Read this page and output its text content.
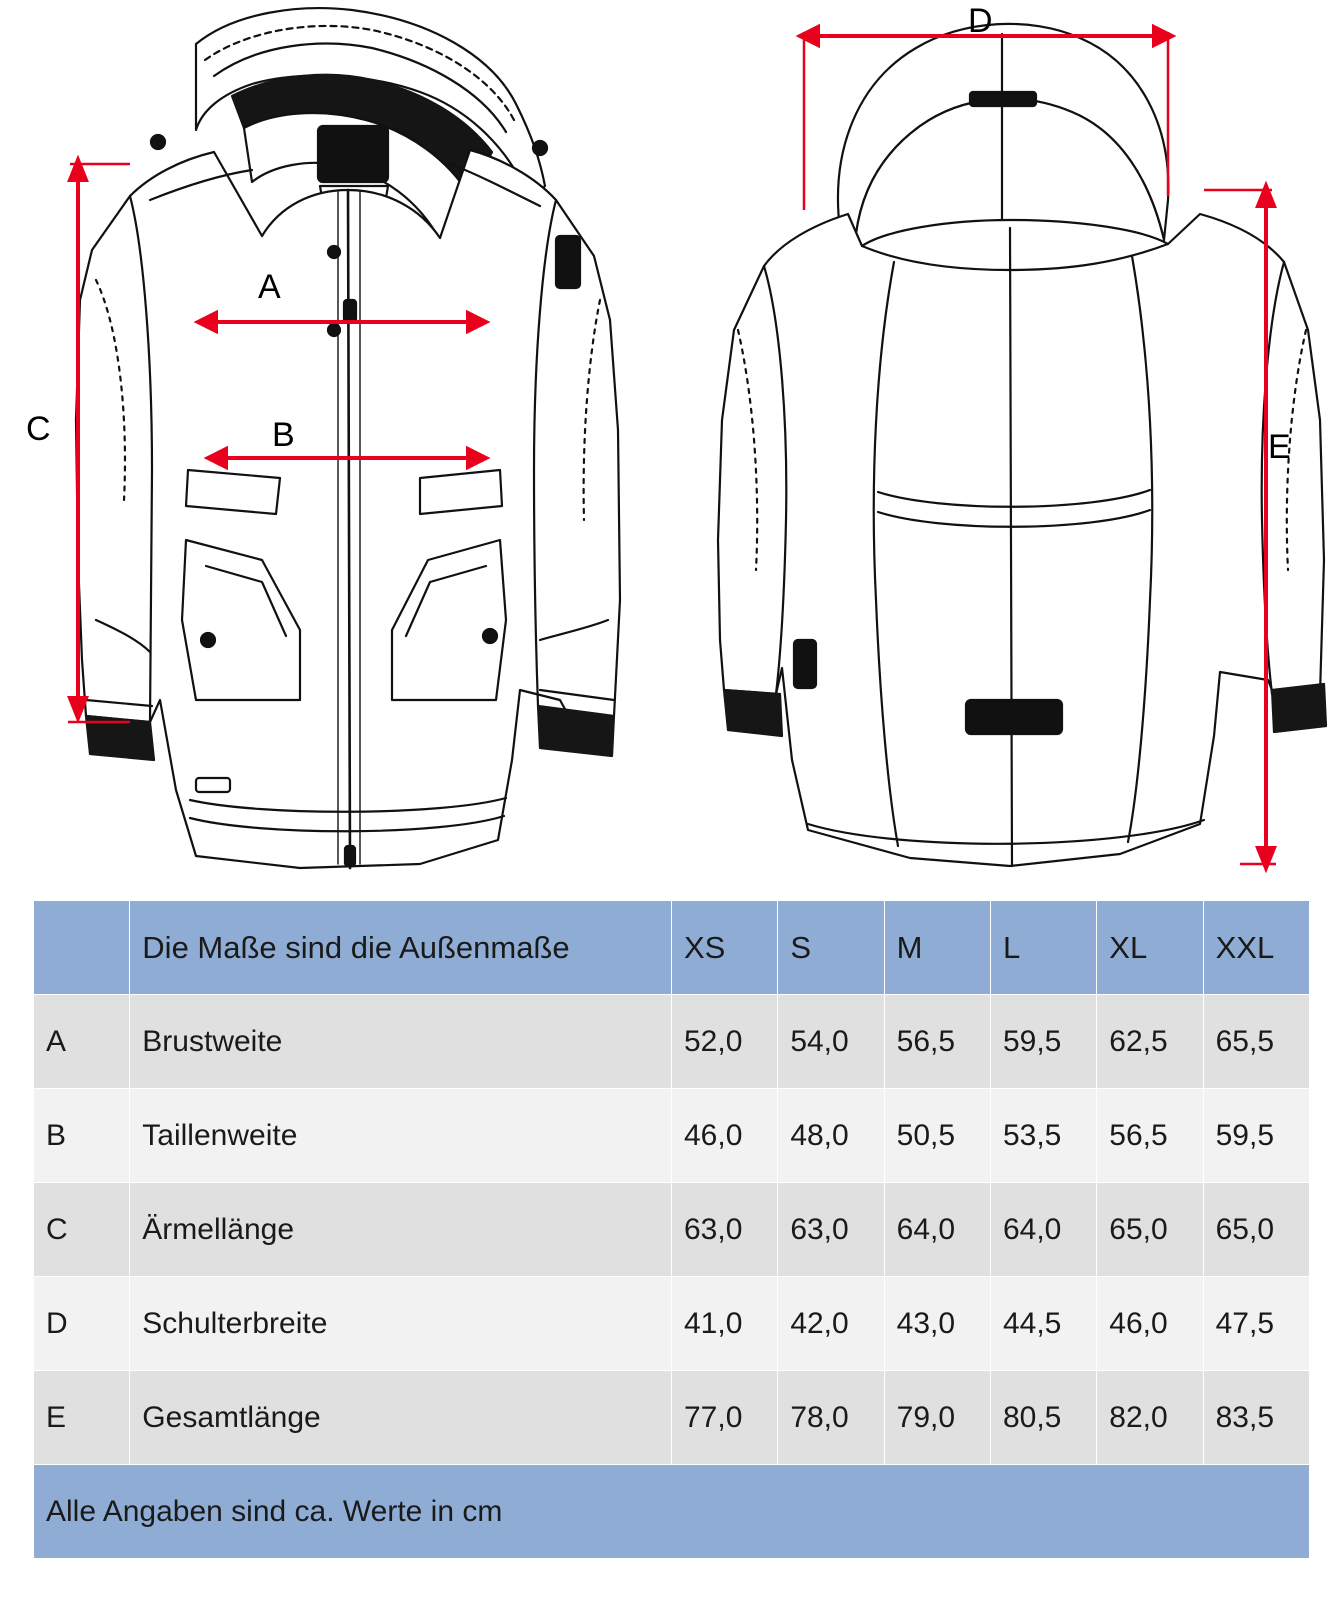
NAVAHOO
NAVAHOO
C
A
B
D
E
	Die Maße sind die Außenmaße	XS	S	M	L	XL	XXL
A	Brustweite	52,0	54,0	56,5	59,5	62,5	65,5
B	Taillenweite	46,0	48,0	50,5	53,5	56,5	59,5
C	Ärmellänge	63,0	63,0	64,0	64,0	65,0	65,0
D	Schulterbreite	41,0	42,0	43,0	44,5	46,0	47,5
E	Gesamtlänge	77,0	78,0	79,0	80,5	82,0	83,5
Alle Angaben sind ca. Werte in cm							
